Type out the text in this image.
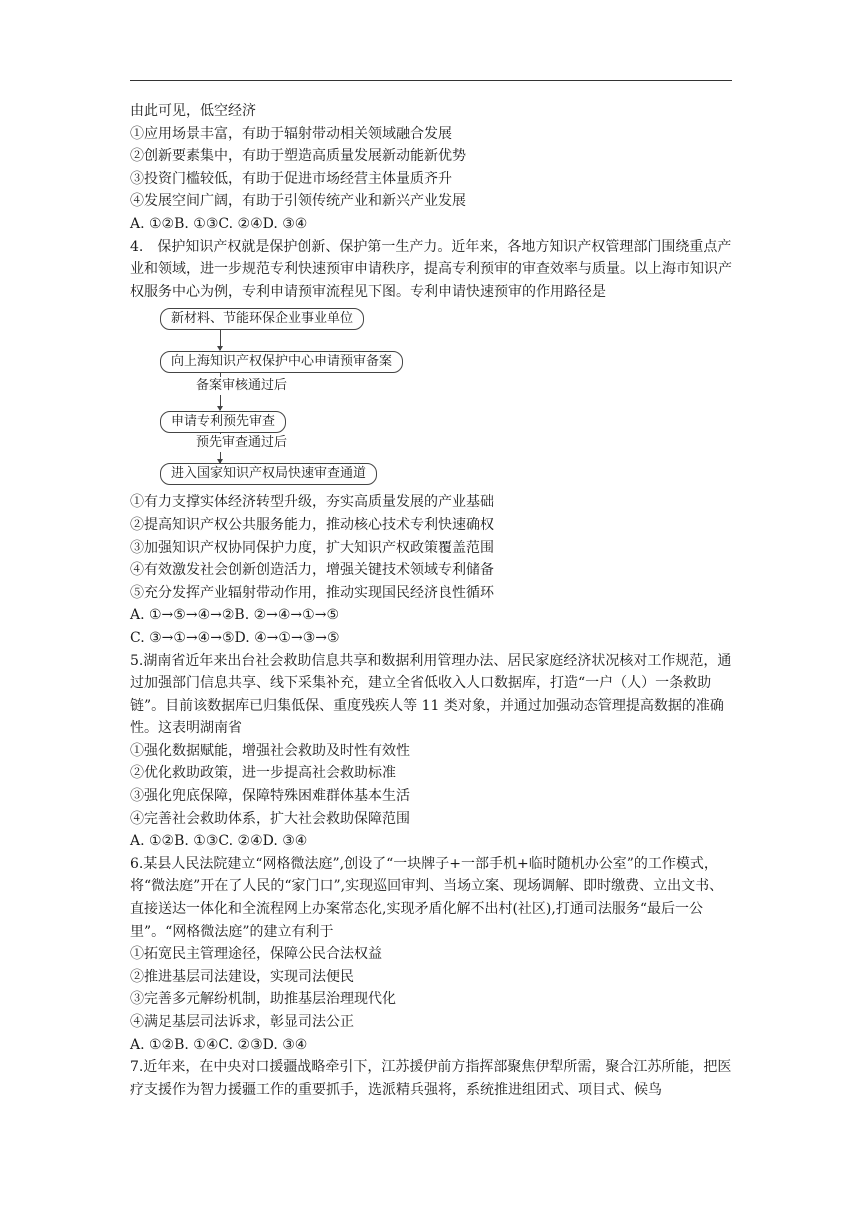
由此可见，低空经济
①应用场景丰富，有助于辐射带动相关领域融合发展
②创新要素集中，有助于塑造高质量发展新动能新优势
③投资门槛较低，有助于促进市场经营主体量质齐升
④发展空间广阔，有助于引领传统产业和新兴产业发展
A. ①②B. ①③C. ②④D. ③④
4.　保护知识产权就是保护创新、保护第一生产力。近年来，各地方知识产权管理部门围绕重点产业和领域，进一步规范专利快速预审申请秩序，提高专利预审的审查效率与质量。以上海市知识产权服务中心为例，专利申请预审流程见下图。专利申请快速预审的作用路径是
新材料、节能环保企业事业单位
向上海知识产权保护中心申请预审备案
备案审核通过后
申请专利预先审查
预先审查通过后
进入国家知识产权局快速审查通道
①有力支撑实体经济转型升级，夯实高质量发展的产业基础
②提高知识产权公共服务能力，推动核心技术专利快速确权
③加强知识产权协同保护力度，扩大知识产权政策覆盖范围
④有效激发社会创新创造活力，增强关键技术领域专利储备
⑤充分发挥产业辐射带动作用，推动实现国民经济良性循环
A. ①→⑤→④→②B. ②→④→①→⑤
C. ③→①→④→⑤D. ④→①→③→⑤
5.湖南省近年来出台社会救助信息共享和数据利用管理办法、居民家庭经济状况核对工作规范，通过加强部门信息共享、线下采集补充，建立全省低收入人口数据库，打造“一户（人）一条救助链”。目前该数据库已归集低保、重度残疾人等 11 类对象，并通过加强动态管理提高数据的准确性。这表明湖南省
①强化数据赋能，增强社会救助及时性有效性
②优化救助政策，进一步提高社会救助标准
③强化兜底保障，保障特殊困难群体基本生活
④完善社会救助体系，扩大社会救助保障范围
A. ①②B. ①③C. ②④D. ③④
6.某县人民法院建立“网格微法庭”,创设了“一块牌子+一部手机+临时随机办公室”的工作模式，将“微法庭”开在了人民的“家门口”,实现巡回审判、当场立案、现场调解、即时缴费、立出文书、直接送达一体化和全流程网上办案常态化,实现矛盾化解不出村(社区),打通司法服务“最后一公里”。“网格微法庭”的建立有利于
①拓宽民主管理途径，保障公民合法权益
②推进基层司法建设，实现司法便民
③完善多元解纷机制，助推基层治理现代化
④满足基层司法诉求，彰显司法公正
A. ①②B. ①④C. ②③D. ③④
7.近年来，在中央对口援疆战略牵引下，江苏援伊前方指挥部聚焦伊犁所需，聚合江苏所能，把医疗支援作为智力援疆工作的重要抓手，选派精兵强将，系统推进组团式、项目式、候鸟
